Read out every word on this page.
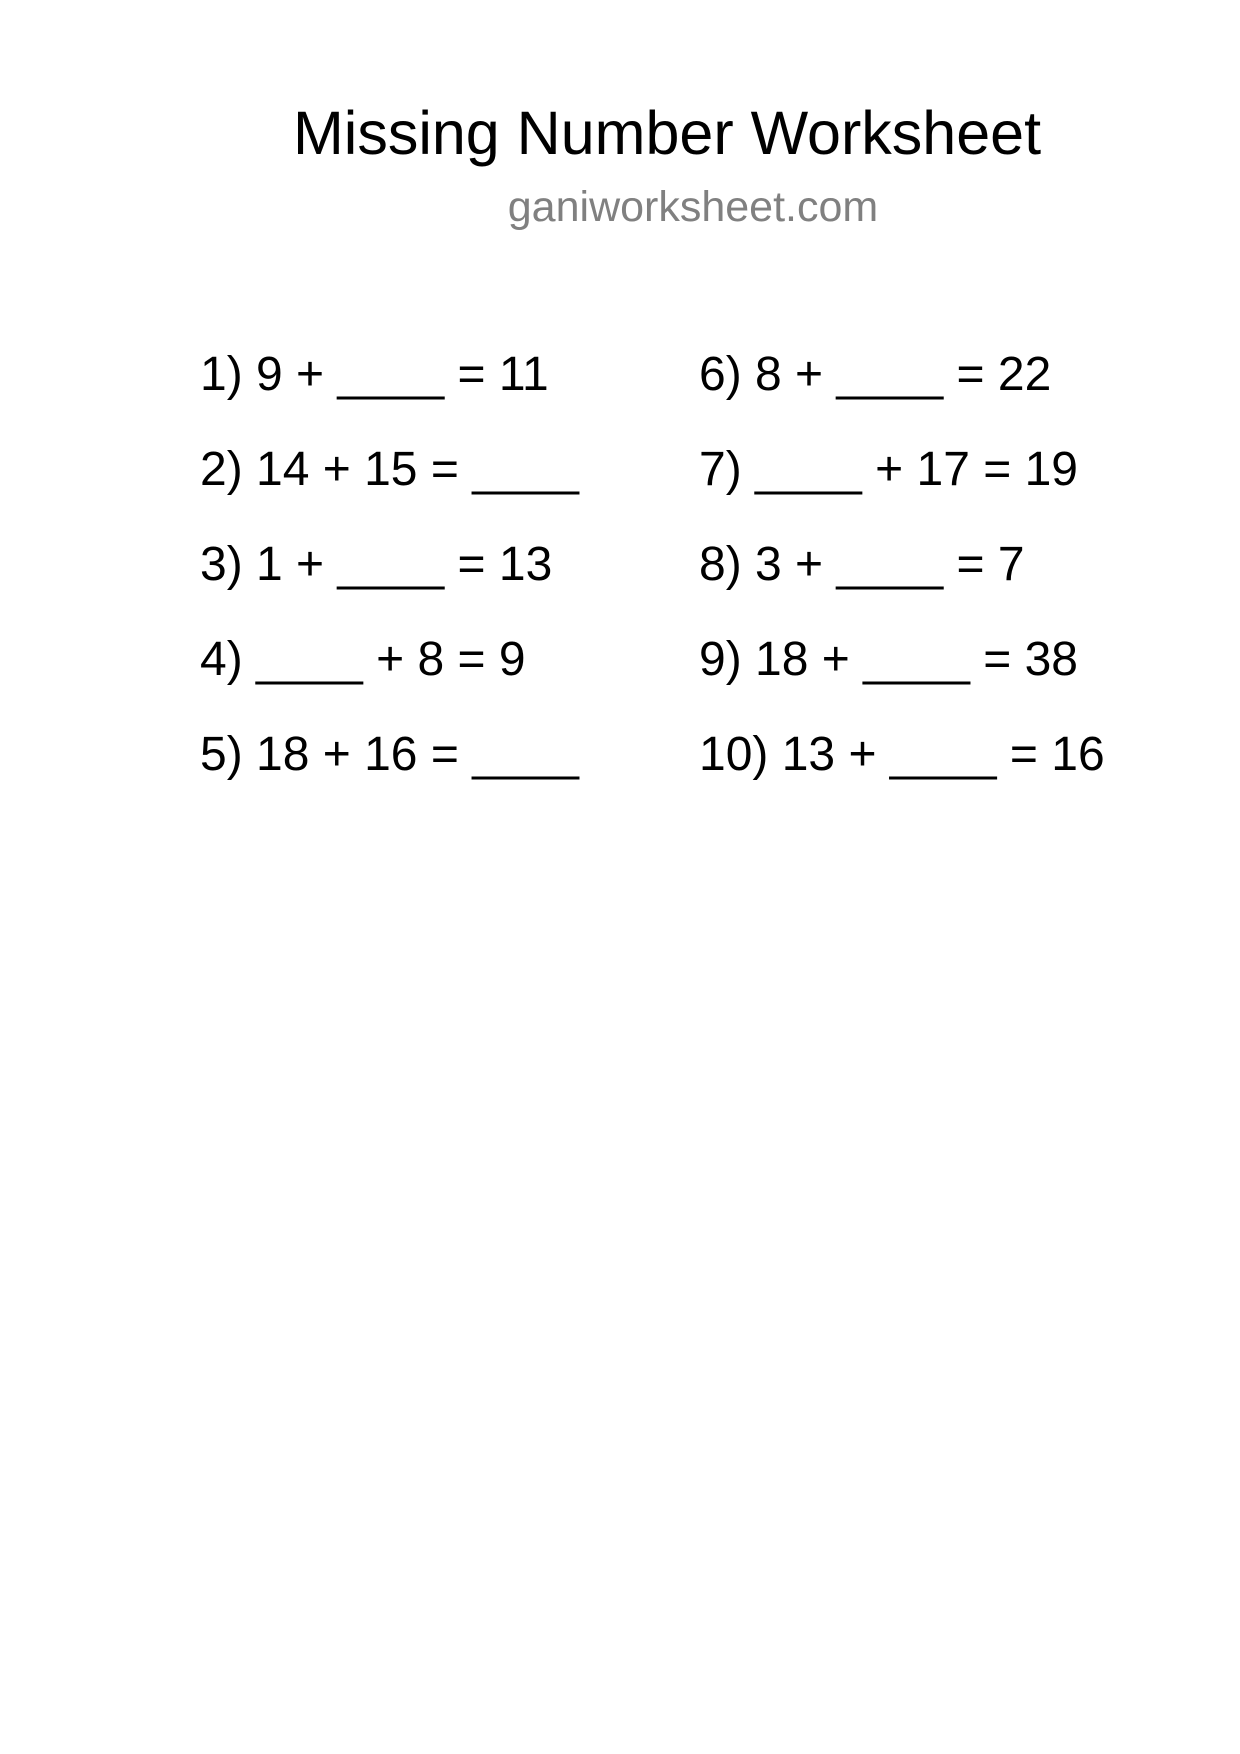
Missing Number Worksheet
ganiworksheet.com
1) 9 + ____ = 11
2) 14 + 15 = ____
3) 1 + ____ = 13
4) ____ + 8 = 9
5) 18 + 16 = ____
6) 8 + ____ = 22
7) ____ + 17 = 19
8) 3 + ____ = 7
9) 18 + ____ = 38
10) 13 + ____ = 16
